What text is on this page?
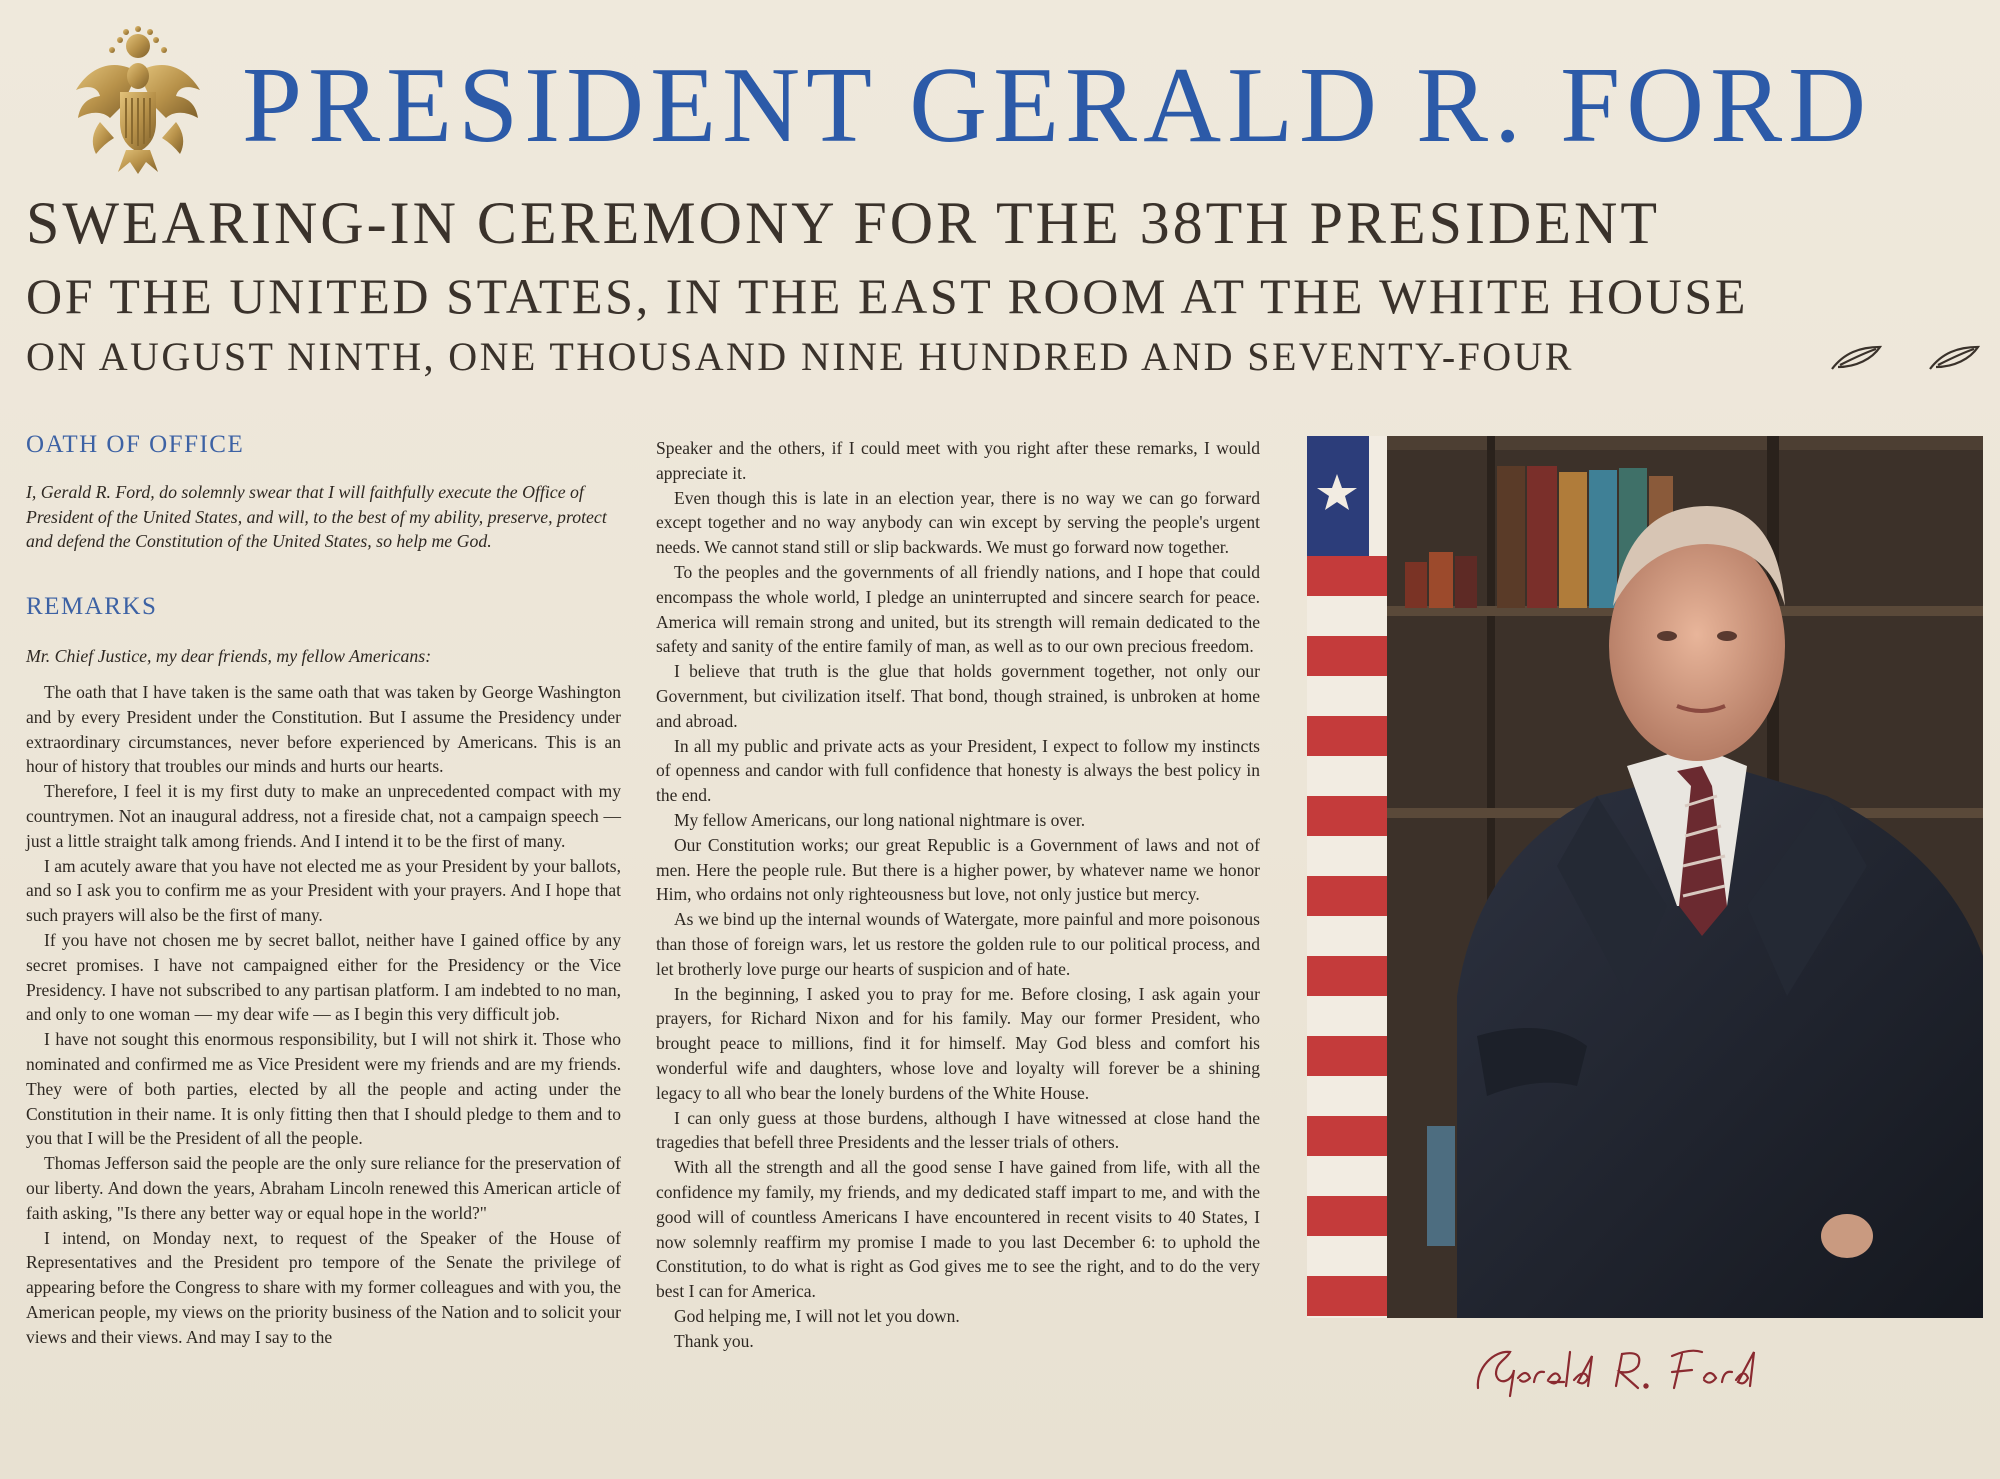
PRESIDENT GERALD R. FORD
SWEARING-IN CEREMONY FOR THE 38TH PRESIDENT
OF THE UNITED STATES, IN THE EAST ROOM AT THE WHITE HOUSE
ON AUGUST NINTH, ONE THOUSAND NINE HUNDRED AND SEVENTY-FOUR
OATH OF OFFICE

I, Gerald R. Ford, do solemnly swear that I will faithfully execute the Office of President of the United States, and will, to the best of my ability, preserve, protect and defend the Constitution of the United States, so help me God.

REMARKS

Mr. Chief Justice, my dear friends, my fellow Americans:

The oath that I have taken is the same oath that was taken by George Washington and by every President under the Constitution. But I assume the Presidency under extraordinary circumstances, never before experienced by Americans. This is an hour of history that troubles our minds and hurts our hearts.

Therefore, I feel it is my first duty to make an unprecedented compact with my countrymen. Not an inaugural address, not a fireside chat, not a campaign speech — just a little straight talk among friends. And I intend it to be the first of many.

I am acutely aware that you have not elected me as your President by your ballots, and so I ask you to confirm me as your President with your prayers. And I hope that such prayers will also be the first of many.

If you have not chosen me by secret ballot, neither have I gained office by any secret promises. I have not campaigned either for the Presidency or the Vice Presidency. I have not subscribed to any partisan platform. I am indebted to no man, and only to one woman — my dear wife — as I begin this very difficult job.

I have not sought this enormous responsibility, but I will not shirk it. Those who nominated and confirmed me as Vice President were my friends and are my friends. They were of both parties, elected by all the people and acting under the Constitution in their name. It is only fitting then that I should pledge to them and to you that I will be the President of all the people.

Thomas Jefferson said the people are the only sure reliance for the preservation of our liberty. And down the years, Abraham Lincoln renewed this American article of faith asking, "Is there any better way or equal hope in the world?"

I intend, on Monday next, to request of the Speaker of the House of Representatives and the President pro tempore of the Senate the privilege of appearing before the Congress to share with my former colleagues and with you, the American people, my views on the priority business of the Nation and to solicit your views and their views. And may I say to the

Speaker and the others, if I could meet with you right after these remarks, I would appreciate it.

Even though this is late in an election year, there is no way we can go forward except together and no way anybody can win except by serving the people's urgent needs. We cannot stand still or slip backwards. We must go forward now together.

To the peoples and the governments of all friendly nations, and I hope that could encompass the whole world, I pledge an uninterrupted and sincere search for peace. America will remain strong and united, but its strength will remain dedicated to the safety and sanity of the entire family of man, as well as to our own precious freedom.

I believe that truth is the glue that holds government together, not only our Government, but civilization itself. That bond, though strained, is unbroken at home and abroad.

In all my public and private acts as your President, I expect to follow my instincts of openness and candor with full confidence that honesty is always the best policy in the end.

My fellow Americans, our long national nightmare is over.

Our Constitution works; our great Republic is a Government of laws and not of men. Here the people rule. But there is a higher power, by whatever name we honor Him, who ordains not only righteousness but love, not only justice but mercy.

As we bind up the internal wounds of Watergate, more painful and more poisonous than those of foreign wars, let us restore the golden rule to our political process, and let brotherly love purge our hearts of suspicion and of hate.

In the beginning, I asked you to pray for me. Before closing, I ask again your prayers, for Richard Nixon and for his family. May our former President, who brought peace to millions, find it for himself. May God bless and comfort his wonderful wife and daughters, whose love and loyalty will forever be a shining legacy to all who bear the lonely burdens of the White House.

I can only guess at those burdens, although I have witnessed at close hand the tragedies that befell three Presidents and the lesser trials of others.

With all the strength and all the good sense I have gained from life, with all the confidence my family, my friends, and my dedicated staff impart to me, and with the good will of countless Americans I have encountered in recent visits to 40 States, I now solemnly reaffirm my promise I made to you last December 6: to uphold the Constitution, to do what is right as God gives me to see the right, and to do the very best I can for America.

God helping me, I will not let you down.

Thank you.
